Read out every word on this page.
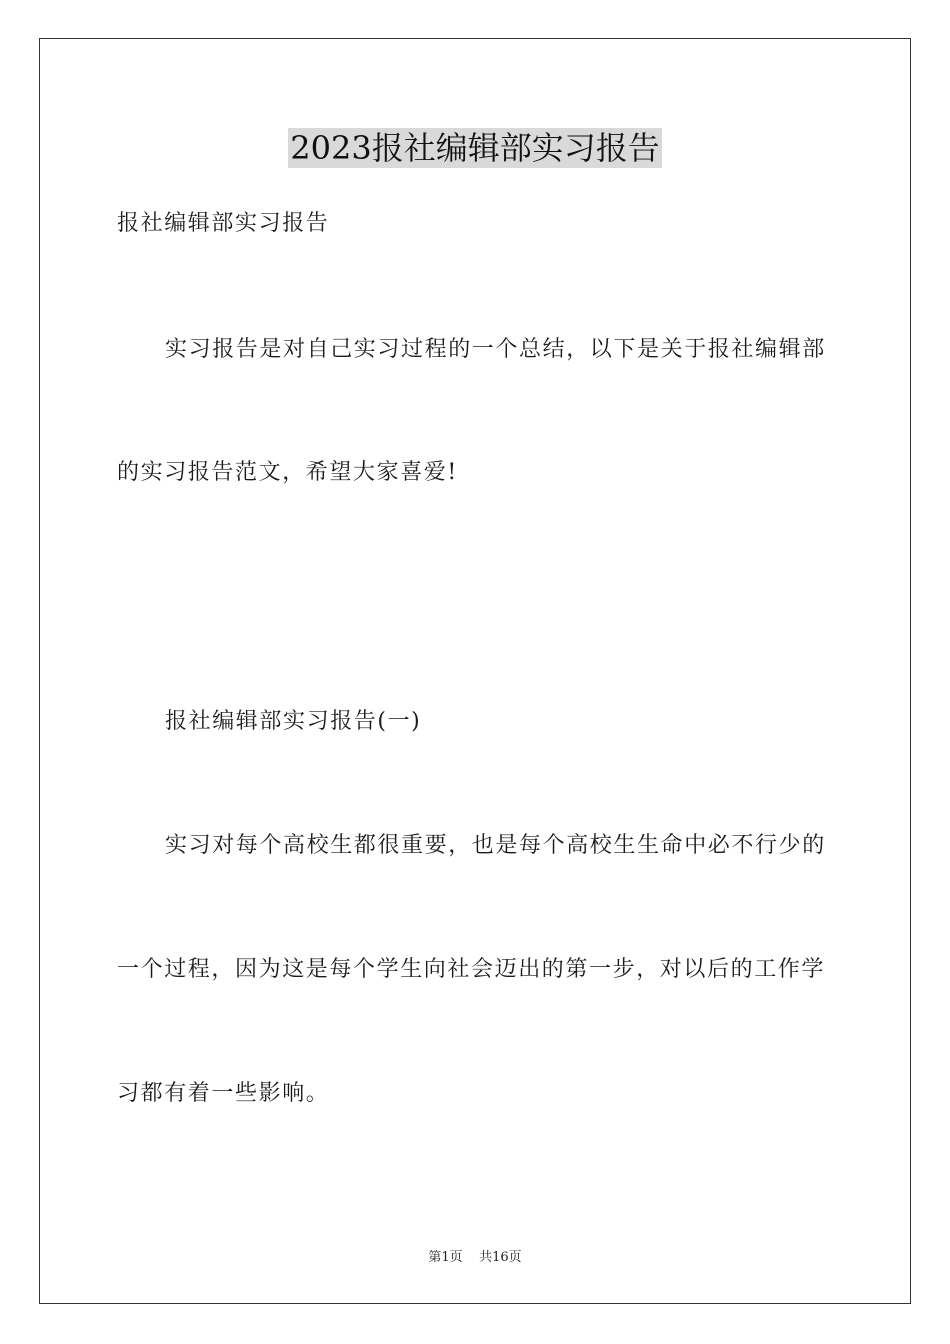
2023报社编辑部实习报告
报社编辑部实习报告
实习报告是对自己实习过程的一个总结，以下是关于报社编辑部
的实习报告范文，希望大家喜爱!
报社编辑部实习报告(一)
实习对每个高校生都很重要，也是每个高校生生命中必不行少的
一个过程，因为这是每个学生向社会迈出的第一步，对以后的工作学
习都有着一些影响。
第1页 共16页
